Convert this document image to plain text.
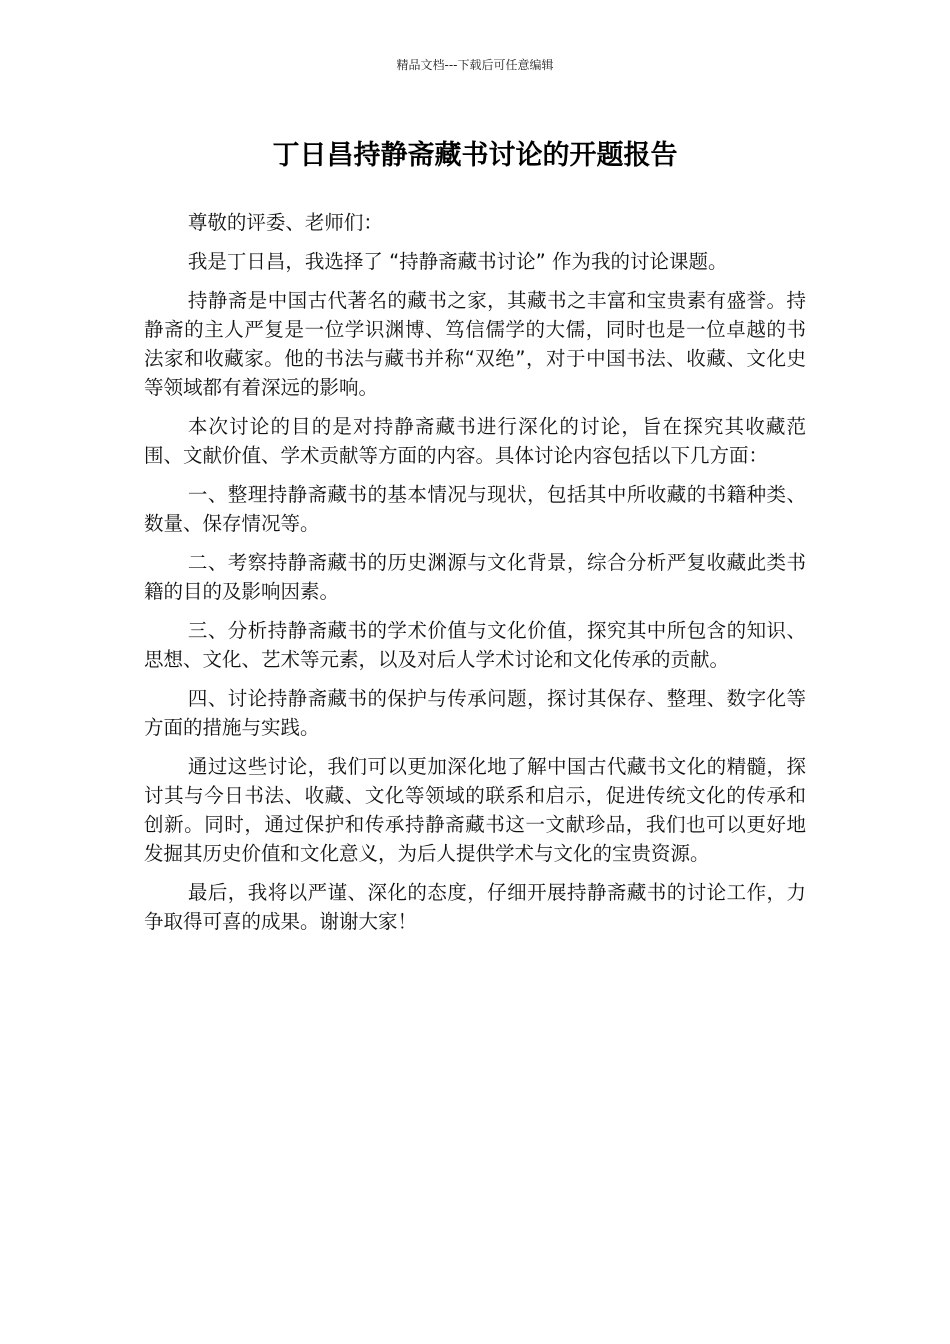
精品文档---下载后可任意编辑
丁日昌持静斋藏书讨论的开题报告

尊敬的评委、老师们：

我是丁日昌，我选择了 “持静斋藏书讨论” 作为我的讨论课题。

持静斋是中国古代著名的藏书之家，其藏书之丰富和宝贵素有盛誉。持静斋的主人严复是一位学识渊博、笃信儒学的大儒，同时也是一位卓越的书法家和收藏家。他的书法与藏书并称“双绝”，对于中国书法、收藏、文化史等领域都有着深远的影响。

本次讨论的目的是对持静斋藏书进行深化的讨论，旨在探究其收藏范围、文献价值、学术贡献等方面的内容。具体讨论内容包括以下几方面：

一、整理持静斋藏书的基本情况与现状，包括其中所收藏的书籍种类、数量、保存情况等。

二、考察持静斋藏书的历史渊源与文化背景，综合分析严复收藏此类书籍的目的及影响因素。

三、分析持静斋藏书的学术价值与文化价值，探究其中所包含的知识、思想、文化、艺术等元素，以及对后人学术讨论和文化传承的贡献。

四、讨论持静斋藏书的保护与传承问题，探讨其保存、整理、数字化等方面的措施与实践。

通过这些讨论，我们可以更加深化地了解中国古代藏书文化的精髓，探讨其与今日书法、收藏、文化等领域的联系和启示，促进传统文化的传承和创新。同时，通过保护和传承持静斋藏书这一文献珍品，我们也可以更好地发掘其历史价值和文化意义，为后人提供学术与文化的宝贵资源。

最后，我将以严谨、深化的态度，仔细开展持静斋藏书的讨论工作，力争取得可喜的成果。谢谢大家！
